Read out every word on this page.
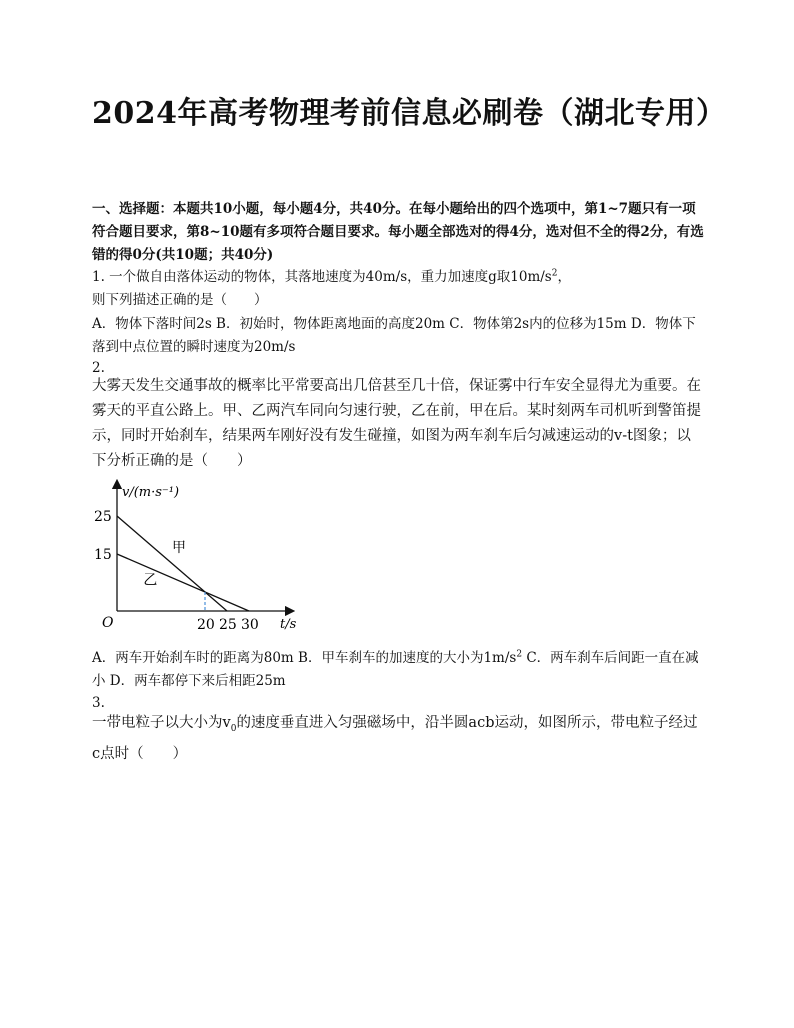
2024年高考物理考前信息必刷卷（湖北专用）
一、选择题：本题共10小题，每小题4分，共40分。在每小题给出的四个选项中，第1~7题只有一项符合题目要求，第8~10题有多项符合题目要求。每小题全部选对的得4分，选对但不全的得2分，有选错的得0分(共10题；共40分)
1. 一个做自由落体运动的物体，其落地速度为40m/s，重力加速度g取$10m/s^2$，
则下列描述正确的是（　　）
A．物体下落时间2s B．初始时，物体距离地面的高度20m C．物体第2s内的位移为15m D．物体下落到中点位置的瞬时速度为20m/s
2.
大雾天发生交通事故的概率比平常要高出几倍甚至几十倍，保证雾中行车安全显得尤为重要。在雾天的平直公路上。甲、乙两汽车同向匀速行驶，乙在前，甲在后。某时刻两车司机听到警笛提示，同时开始刹车，结果两车刚好没有发生碰撞，如图为两车刹车后匀减速运动的v-t图象；以下分析正确的是（　　）
甲
乙
v/(m·s⁻¹)
t/s
O	20 25 30
25
15
A．两车开始刹车时的距离为80m B．甲车刹车的加速度的大小为$1m/s^2$ C．两车刹车后间距一直在减小 D．两车都停下来后相距25m
3.
一带电粒子以大小为$v_0$的速度垂直进入匀强磁场中，沿半圆acb运动，如图所示，带电粒子经过c点时（　　）
